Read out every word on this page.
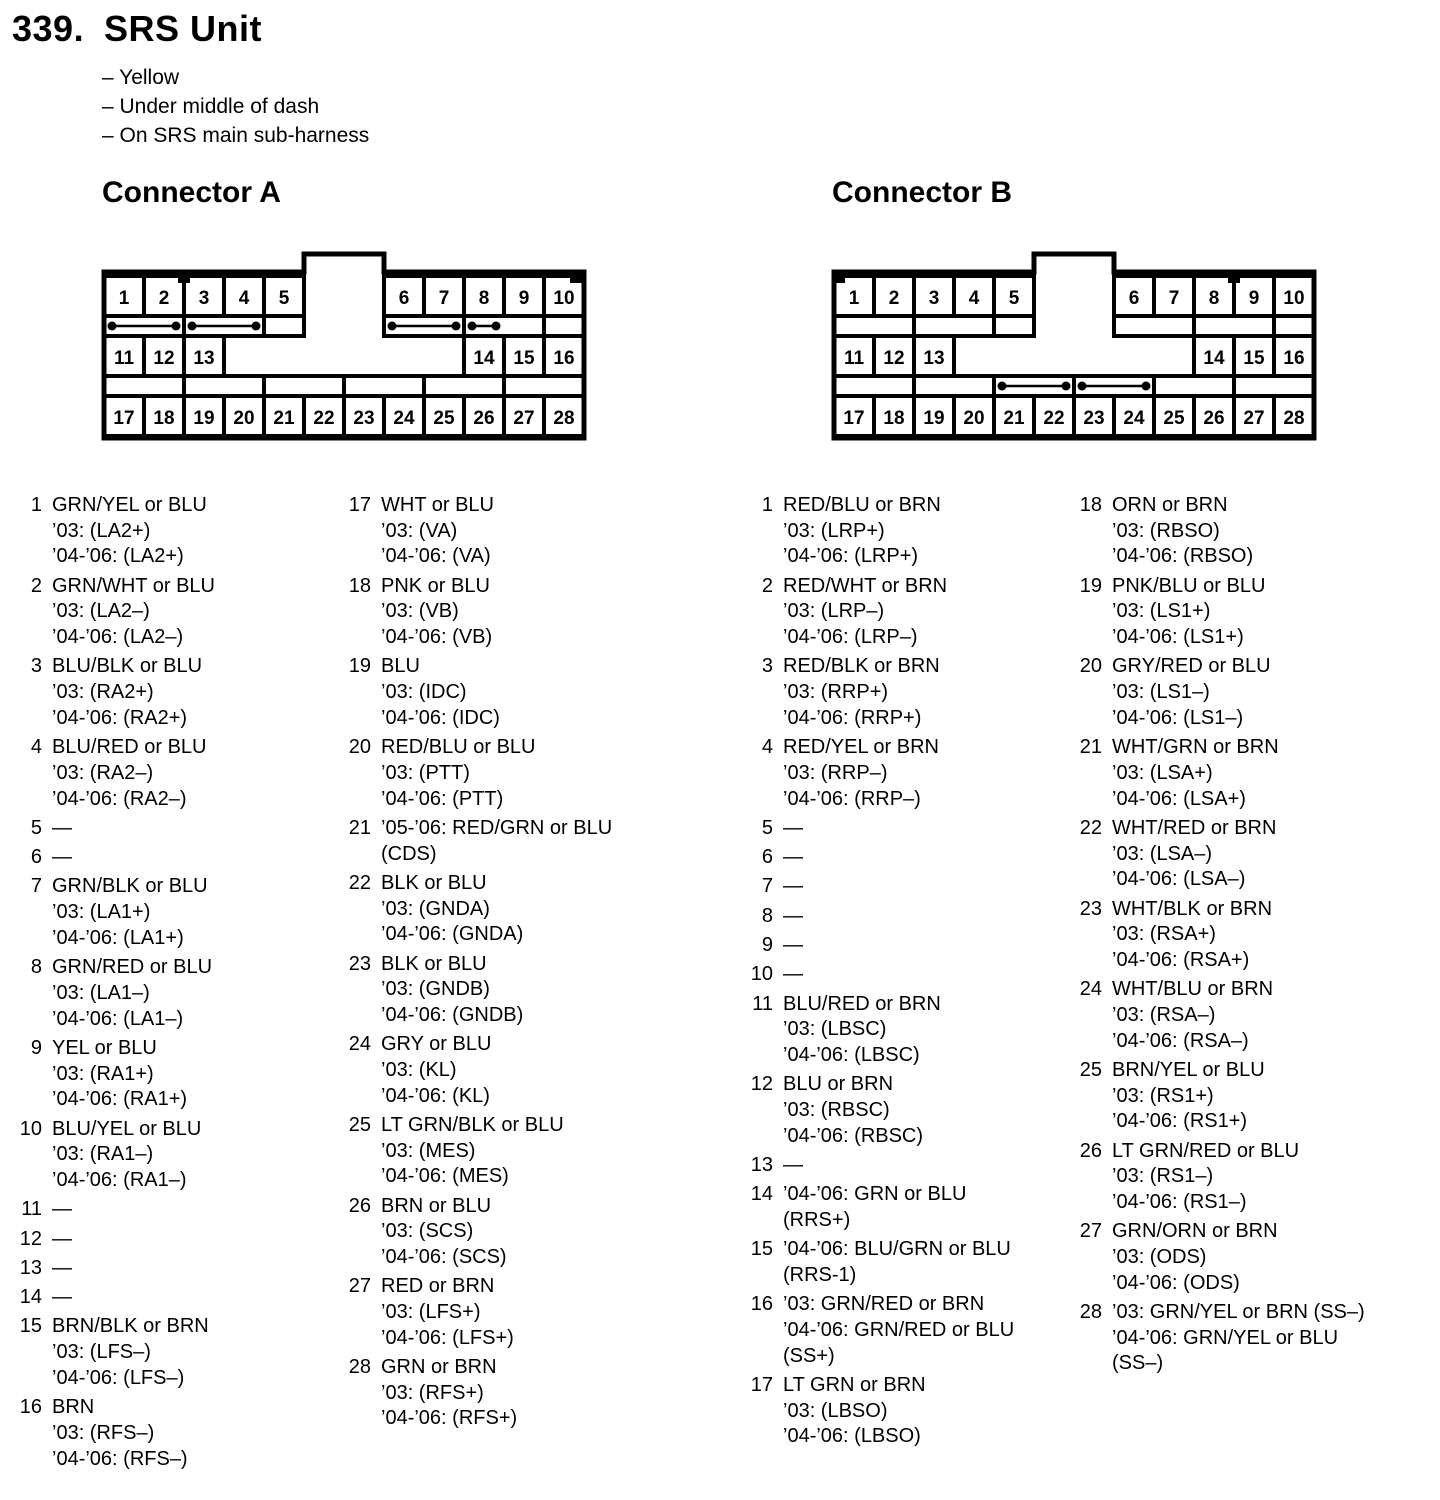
339. SRS Unit
– Yellow
– Under middle of dash
– On SRS main sub-harness
Connector A	Connector B
1 2 3 4 5	6 7 8 9 10
11 12 13	14 15 16
17 18 19 20 21 22 23 24 25 26 27 28
1 2 3 4 5	6 7 8 9 10
11 12 13	14 15 16
17 18 19 20 21 22 23 24 25 26 27 28
1 GRN/YEL or BLU
’03: (LA2+)
’04-’06: (LA2+)
2 GRN/WHT or BLU
’03: (LA2–)
’04-’06: (LA2–)
3 BLU/BLK or BLU
’03: (RA2+)
’04-’06: (RA2+)
4 BLU/RED or BLU
’03: (RA2–)
’04-’06: (RA2–)
5 —
6 —
7 GRN/BLK or BLU
’03: (LA1+)
’04-’06: (LA1+)
8 GRN/RED or BLU
’03: (LA1–)
’04-’06: (LA1–)
9 YEL or BLU
’03: (RA1+)
’04-’06: (RA1+)
10 BLU/YEL or BLU
’03: (RA1–)
’04-’06: (RA1–)
11 —
12 —
13 —
14 —
15 BRN/BLK or BRN
’03: (LFS–)
’04-’06: (LFS–)
16 BRN
’03: (RFS–)
’04-’06: (RFS–)
17 WHT or BLU
’03: (VA)
’04-’06: (VA)
18 PNK or BLU
’03: (VB)
’04-’06: (VB)
19 BLU
’03: (IDC)
’04-’06: (IDC)
20 RED/BLU or BLU
’03: (PTT)
’04-’06: (PTT)
21 ’05-’06: RED/GRN or BLU
(CDS)
22 BLK or BLU
’03: (GNDA)
’04-’06: (GNDA)
23 BLK or BLU
’03: (GNDB)
’04-’06: (GNDB)
24 GRY or BLU
’03: (KL)
’04-’06: (KL)
25 LT GRN/BLK or BLU
’03: (MES)
’04-’06: (MES)
26 BRN or BLU
’03: (SCS)
’04-’06: (SCS)
27 RED or BRN
’03: (LFS+)
’04-’06: (LFS+)
28 GRN or BRN
’03: (RFS+)
’04-’06: (RFS+)
1 RED/BLU or BRN
’03: (LRP+)
’04-’06: (LRP+)
2 RED/WHT or BRN
’03: (LRP–)
’04-’06: (LRP–)
3 RED/BLK or BRN
’03: (RRP+)
’04-’06: (RRP+)
4 RED/YEL or BRN
’03: (RRP–)
’04-’06: (RRP–)
5 —
6 —
7 —
8 —
9 —
10 —
11 BLU/RED or BRN
’03: (LBSC)
’04-’06: (LBSC)
12 BLU or BRN
’03: (RBSC)
’04-’06: (RBSC)
13 —
14 ’04-’06: GRN or BLU
(RRS+)
15 ’04-’06: BLU/GRN or BLU
(RRS-1)
16 ’03: GRN/RED or BRN
’04-’06: GRN/RED or BLU
(SS+)
17 LT GRN or BRN
’03: (LBSO)
’04-’06: (LBSO)
18 ORN or BRN
’03: (RBSO)
’04-’06: (RBSO)
19 PNK/BLU or BLU
’03: (LS1+)
’04-’06: (LS1+)
20 GRY/RED or BLU
’03: (LS1–)
’04-’06: (LS1–)
21 WHT/GRN or BRN
’03: (LSA+)
’04-’06: (LSA+)
22 WHT/RED or BRN
’03: (LSA–)
’04-’06: (LSA–)
23 WHT/BLK or BRN
’03: (RSA+)
’04-’06: (RSA+)
24 WHT/BLU or BRN
’03: (RSA–)
’04-’06: (RSA–)
25 BRN/YEL or BLU
’03: (RS1+)
’04-’06: (RS1+)
26 LT GRN/RED or BLU
’03: (RS1–)
’04-’06: (RS1–)
27 GRN/ORN or BRN
’03: (ODS)
’04-’06: (ODS)
28 ’03: GRN/YEL or BRN (SS–)
’04-’06: GRN/YEL or BLU
(SS–)
